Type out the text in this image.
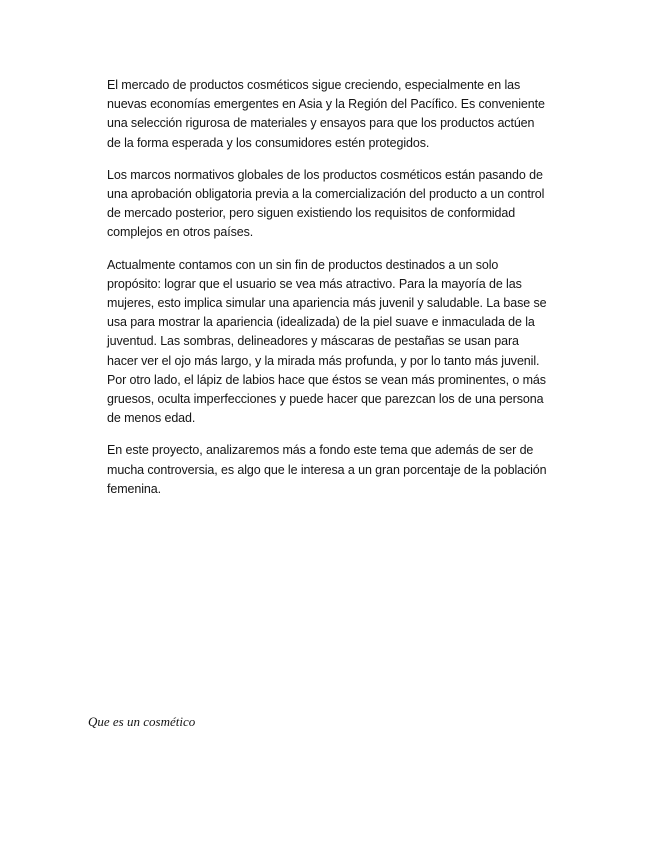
El mercado de productos cosméticos sigue creciendo, especialmente en las nuevas economías emergentes en Asia y la Región del Pacífico. Es conveniente una selección rigurosa de materiales y ensayos para que los productos actúen de la forma esperada y los consumidores estén protegidos.

Los marcos normativos globales de los productos cosméticos están pasando de una aprobación obligatoria previa a la comercialización del producto a un control de mercado posterior, pero siguen existiendo los requisitos de conformidad complejos en otros países.

Actualmente contamos con un sin fin de productos destinados a un solo propósito: lograr que el usuario se vea más atractivo. Para la mayoría de las mujeres, esto implica simular una apariencia más juvenil y saludable. La base se usa para mostrar la apariencia (idealizada) de la piel suave e inmaculada de la juventud. Las sombras, delineadores y máscaras de pestañas se usan para hacer ver el ojo más largo, y la mirada más profunda, y por lo tanto más juvenil. Por otro lado, el lápiz de labios hace que éstos se vean más prominentes, o más gruesos, oculta imperfecciones y puede hacer que parezcan los de una persona de menos edad.

En este proyecto, analizaremos más a fondo este tema que además de ser de mucha controversia, es algo que le interesa a un gran porcentaje de la población femenina.

Que es un cosmético
